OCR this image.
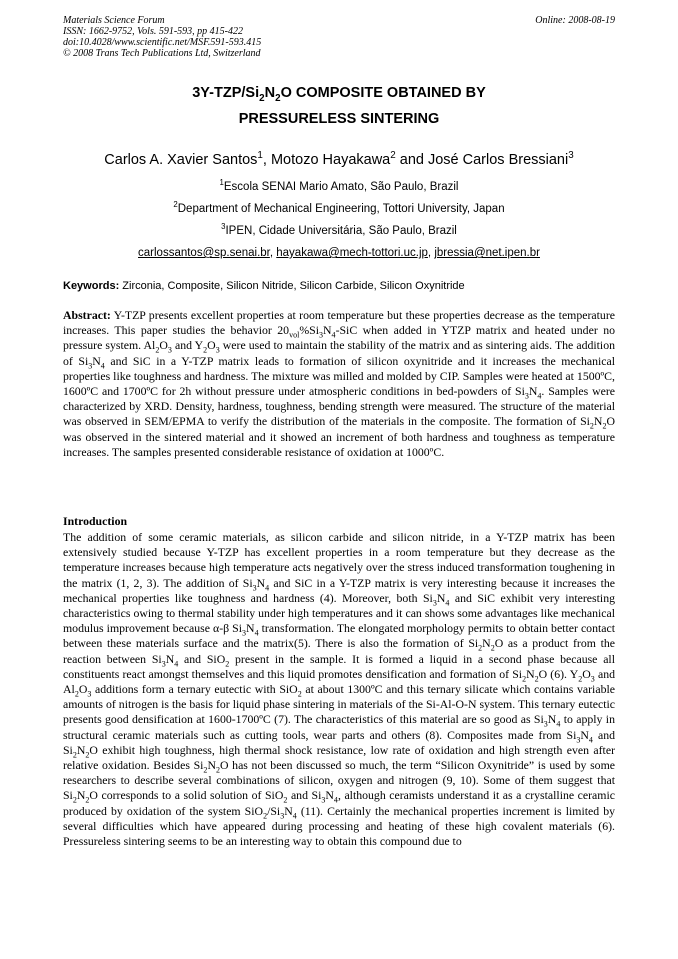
Materials Science Forum
ISSN: 1662-9752, Vols. 591-593, pp 415-422
doi:10.4028/www.scientific.net/MSF.591-593.415
© 2008 Trans Tech Publications Ltd, Switzerland
Online: 2008-08-19
$3Y-TZP/Si_2N_2O$ COMPOSITE OBTAINED BY
PRESSURELESS SINTERING
Carlos A. Xavier Santos$^1$, Motozo Hayakawa$^2$ and José Carlos Bressiani$^3$
$^1$Escola SENAI Mario Amato, São Paulo, Brazil
$^2$Department of Mechanical Engineering, Tottori University, Japan
$^3$IPEN, Cidade Universitária, São Paulo, Brazil
carlossantos@sp.senai.br, hayakawa@mech-tottori.uc.jp, jbressia@net.ipen.br
Keywords: Zirconia, Composite, Silicon Nitride, Silicon Carbide, Silicon Oxynitride

Abstract: Y-TZP presents excellent properties at room temperature but these properties decrease as the temperature increases. This paper studies the behavior $20_{vol}\%Si_3N_4$-SiC when added in YTZP matrix and heated under no pressure system. $Al_2O_3$ and $Y_2O_3$ were used to maintain the stability of the matrix and as sintering aids. The addition of $Si_3N_4$ and SiC in a Y-TZP matrix leads to formation of silicon oxynitride and it increases the mechanical properties like toughness and hardness. The mixture was milled and molded by CIP. Samples were heated at 1500ºC, 1600ºC and 1700ºC for 2h without pressure under atmospheric conditions in bed-powders of $Si_3N_4$. Samples were characterized by XRD. Density, hardness, toughness, bending strength were measured. The structure of the material was observed in SEM/EPMA to verify the distribution of the materials in the composite. The formation of $Si_2N_2O$ was observed in the sintered material and it showed an increment of both hardness and toughness as temperature increases. The samples presented considerable resistance of oxidation at 1000ºC.

Introduction

The addition of some ceramic materials, as silicon carbide and silicon nitride, in a Y-TZP matrix has been extensively studied because Y-TZP has excellent properties in a room temperature but they decrease as the temperature increases because high temperature acts negatively over the stress induced transformation toughening in the matrix (1, 2, 3). The addition of $Si_3N_4$ and SiC in a Y-TZP matrix is very interesting because it increases the mechanical properties like toughness and hardness (4). Moreover, both $Si_3N_4$ and SiC exhibit very interesting characteristics owing to thermal stability under high temperatures and it can shows some advantages like mechanical modulus improvement because α-β $Si_3N_4$ transformation. The elongated morphology permits to obtain better contact between these materials surface and the matrix(5). There is also the formation of $Si_2N_2O$ as a product from the reaction between $Si_3N_4$ and SiO$_2$ present in the sample. It is formed a liquid in a second phase because all constituents react amongst themselves and this liquid promotes densification and formation of $Si_2N_2O$ (6). $Y_2O_3$ and $Al_2O_3$ additions form a ternary eutectic with SiO$_2$ at about 1300ºC and this ternary silicate which contains variable amounts of nitrogen is the basis for liquid phase sintering in materials of the Si-Al-O-N system. This ternary eutectic presents good densification at 1600-1700ºC (7). The characteristics of this material are so good as $Si_3N_4$ to apply in structural ceramic materials such as cutting tools, wear parts and others (8). Composites made from $Si_3N_4$ and $Si_2N_2O$ exhibit high toughness, high thermal shock resistance, low rate of oxidation and high strength even after relative oxidation. Besides $Si_2N_2O$ has not been discussed so much, the term “Silicon Oxynitride” is used by some researchers to describe several combinations of silicon, oxygen and nitrogen (9, 10). Some of them suggest that $Si_2N_2O$ corresponds to a solid solution of SiO$_2$ and $Si_3N_4$, although ceramists understand it as a crystalline ceramic produced by oxidation of the system $SiO_2/Si_3N_4$ (11). Certainly the mechanical properties increment is limited by several difficulties which have appeared during processing and heating of these high covalent materials (6). Pressureless sintering seems to be an interesting way to obtain this compound due to
